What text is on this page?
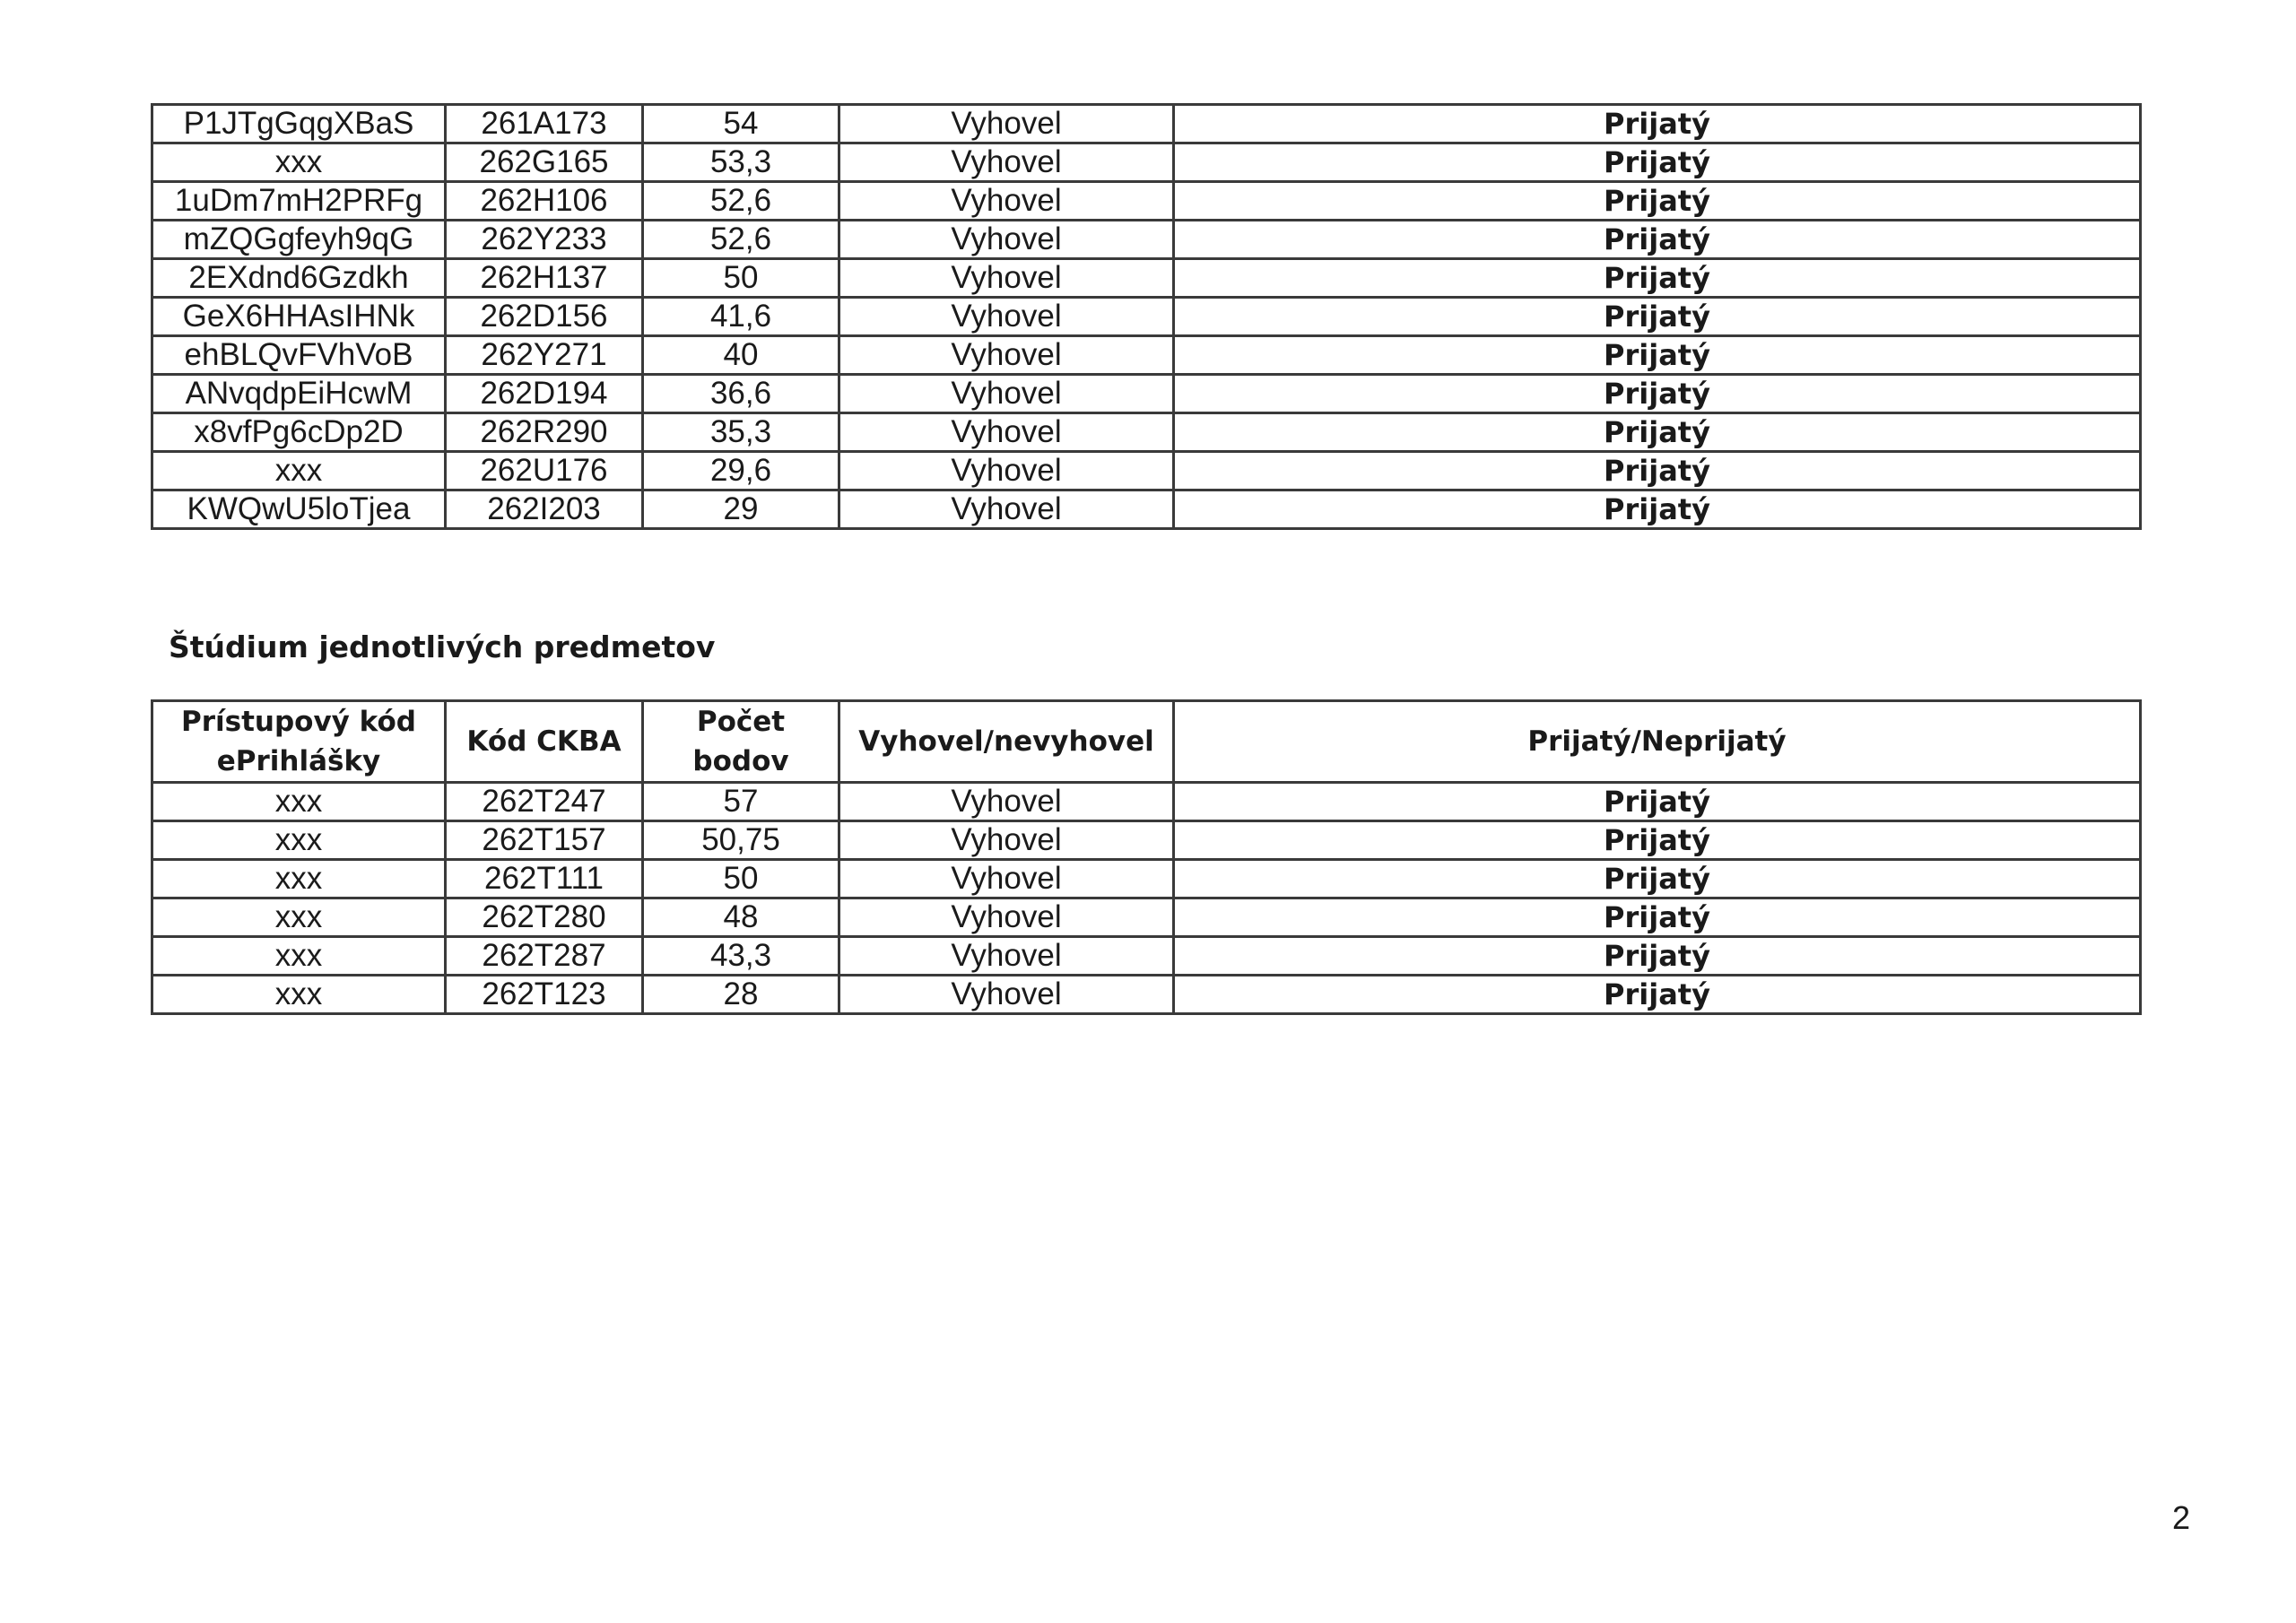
P1JTgGqgXBaS	261A173	54	Vyhovel	Prijatý
xxx	262G165	53,3	Vyhovel	Prijatý
1uDm7mH2PRFg	262H106	52,6	Vyhovel	Prijatý
mZQGgfeyh9qG	262Y233	52,6	Vyhovel	Prijatý
2EXdnd6Gzdkh	262H137	50	Vyhovel	Prijatý
GeX6HHAsIHNk	262D156	41,6	Vyhovel	Prijatý
ehBLQvFVhVoB	262Y271	40	Vyhovel	Prijatý
ANvqdpEiHcwM	262D194	36,6	Vyhovel	Prijatý
x8vfPg6cDp2D	262R290	35,3	Vyhovel	Prijatý
xxx	262U176	29,6	Vyhovel	Prijatý
KWQwU5loTjea	262I203	29	Vyhovel	Prijatý
Štúdium jednotlivých predmetov
Prístupový kód ePrihlášky	Kód CKBA	Počet bodov	Vyhovel/nevyhovel	Prijatý/Neprijatý
xxx	262T247	57	Vyhovel	Prijatý
xxx	262T157	50,75	Vyhovel	Prijatý
xxx	262T111	50	Vyhovel	Prijatý
xxx	262T280	48	Vyhovel	Prijatý
xxx	262T287	43,3	Vyhovel	Prijatý
xxx	262T123	28	Vyhovel	Prijatý
2
